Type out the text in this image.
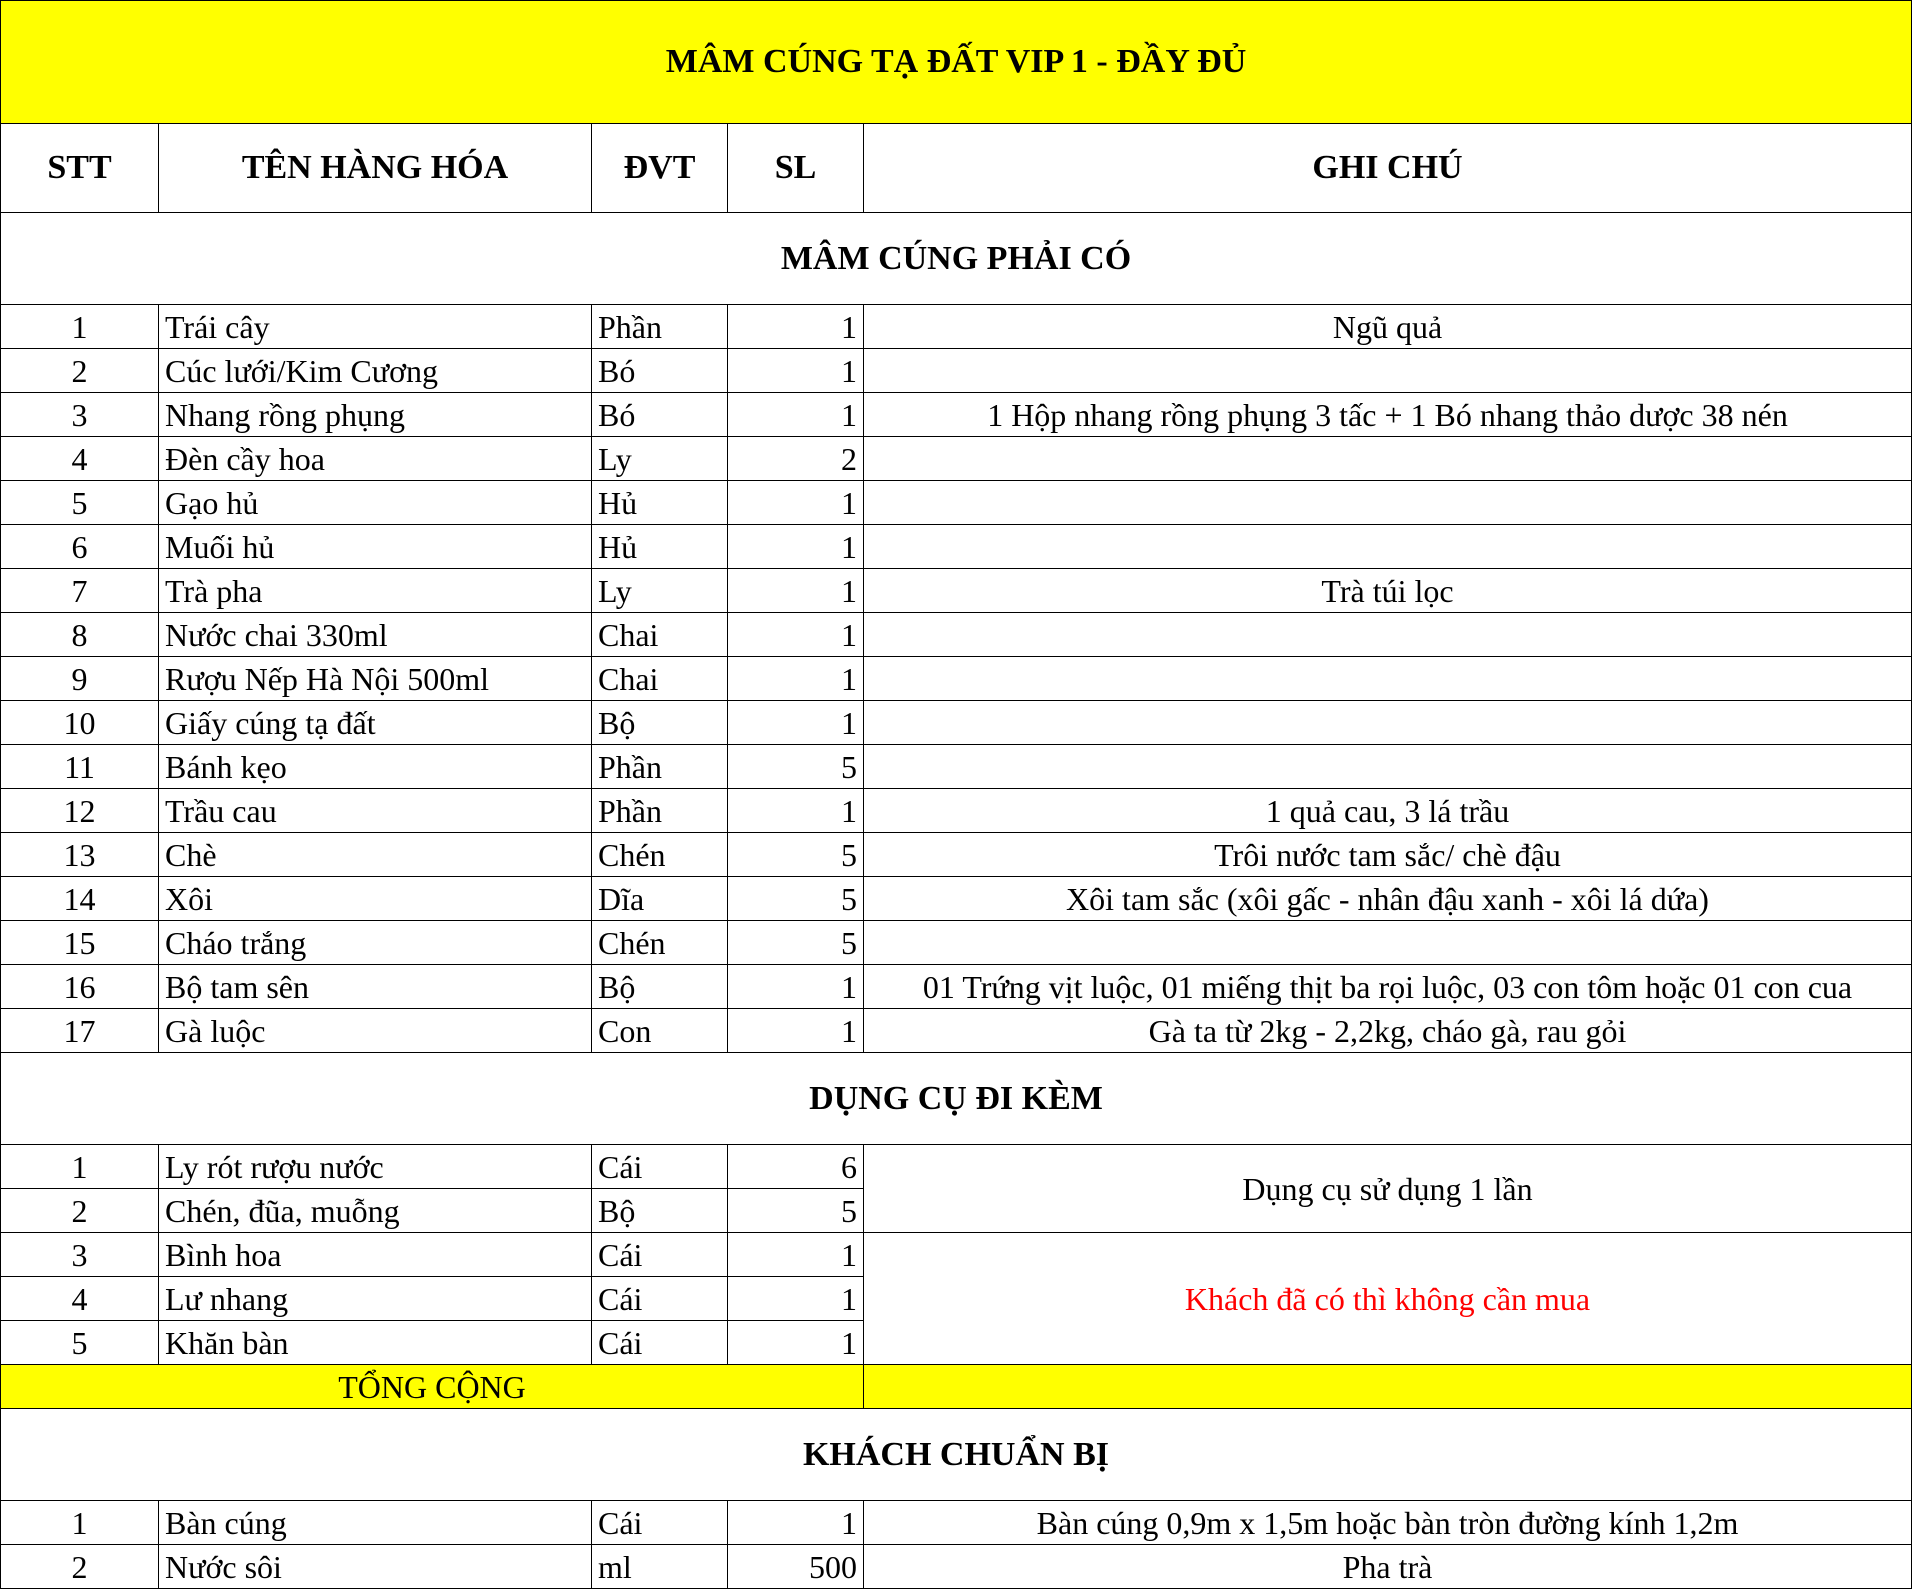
MÂM CÚNG TẠ ĐẤT VIP 1 - ĐẦY ĐỦ				
STT	TÊN HÀNG HÓA	ĐVT	SL	GHI CHÚ
MÂM CÚNG PHẢI CÓ				
1	Trái cây	Phần	1	Ngũ quả
2	Cúc lưới/Kim Cương	Bó	1	
3	Nhang rồng phụng	Bó	1	1 Hộp nhang rồng phụng 3 tấc + 1 Bó nhang thảo dược 38 nén
4	Đèn cầy hoa	Ly	2	
5	Gạo hủ	Hủ	1	
6	Muối hủ	Hủ	1	
7	Trà pha	Ly	1	Trà túi lọc
8	Nước chai 330ml	Chai	1	
9	Rượu Nếp Hà Nội 500ml	Chai	1	
10	Giấy cúng tạ đất	Bộ	1	
11	Bánh kẹo	Phần	5	
12	Trầu cau	Phần	1	1 quả cau, 3 lá trầu
13	Chè	Chén	5	Trôi nước tam sắc/ chè đậu
14	Xôi	Dĩa	5	Xôi tam sắc (xôi gấc - nhân đậu xanh - xôi lá dứa)
15	Cháo trắng	Chén	5	
16	Bộ tam sên	Bộ	1	01 Trứng vịt luộc, 01 miếng thịt ba rọi luộc, 03 con tôm hoặc 01 con cua
17	Gà luộc	Con	1	Gà ta từ 2kg - 2,2kg, cháo gà, rau gỏi
DỤNG CỤ ĐI KÈM				
1	Ly rót rượu nước	Cái	6	Dụng cụ sử dụng 1 lần
2	Chén, đũa, muỗng	Bộ	5	
3	Bình hoa	Cái	1	Khách đã có thì không cần mua
4	Lư nhang	Cái	1	
5	Khăn bàn	Cái	1	
TỔNG CỘNG				
KHÁCH CHUẨN BỊ				
1	Bàn cúng	Cái	1	Bàn cúng 0,9m x 1,5m hoặc bàn tròn đường kính 1,2m
2	Nước sôi	ml	500	Pha trà
